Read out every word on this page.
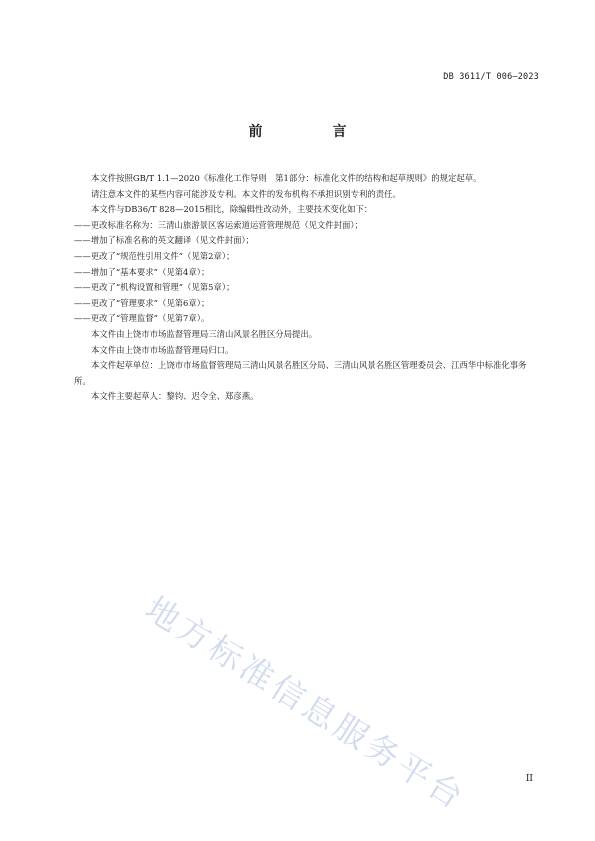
DB 3611/T 006—2023
前　言

本文件按照GB/T 1.1—2020《标准化工作导则　第1部分：标准化文件的结构和起草规则》的规定起草。

请注意本文件的某些内容可能涉及专利。本文件的发布机构不承担识别专利的责任。

本文件与DB36/T 828—2015相比，除编辑性改动外，主要技术变化如下：

——更改标准名称为：三清山旅游景区客运索道运营管理规范（见文件封面）；

——增加了标准名称的英文翻译（见文件封面）；

——更改了“规范性引用文件”（见第2章）；

——增加了“基本要求”（见第4章）；

——更改了“机构设置和管理”（见第5章）；

——更改了“管理要求”（见第6章）；

——更改了“管理监督”（见第7章）。

本文件由上饶市市场监督管理局三清山风景名胜区分局提出。

本文件由上饶市市场监督管理局归口。

本文件起草单位：上饶市市场监督管理局三清山风景名胜区分局、三清山风景名胜区管理委员会、江西华中标准化事务所。

本文件主要起草人：黎钧、迟令全、郑彦燕。

地方标准信息服务平台	II
